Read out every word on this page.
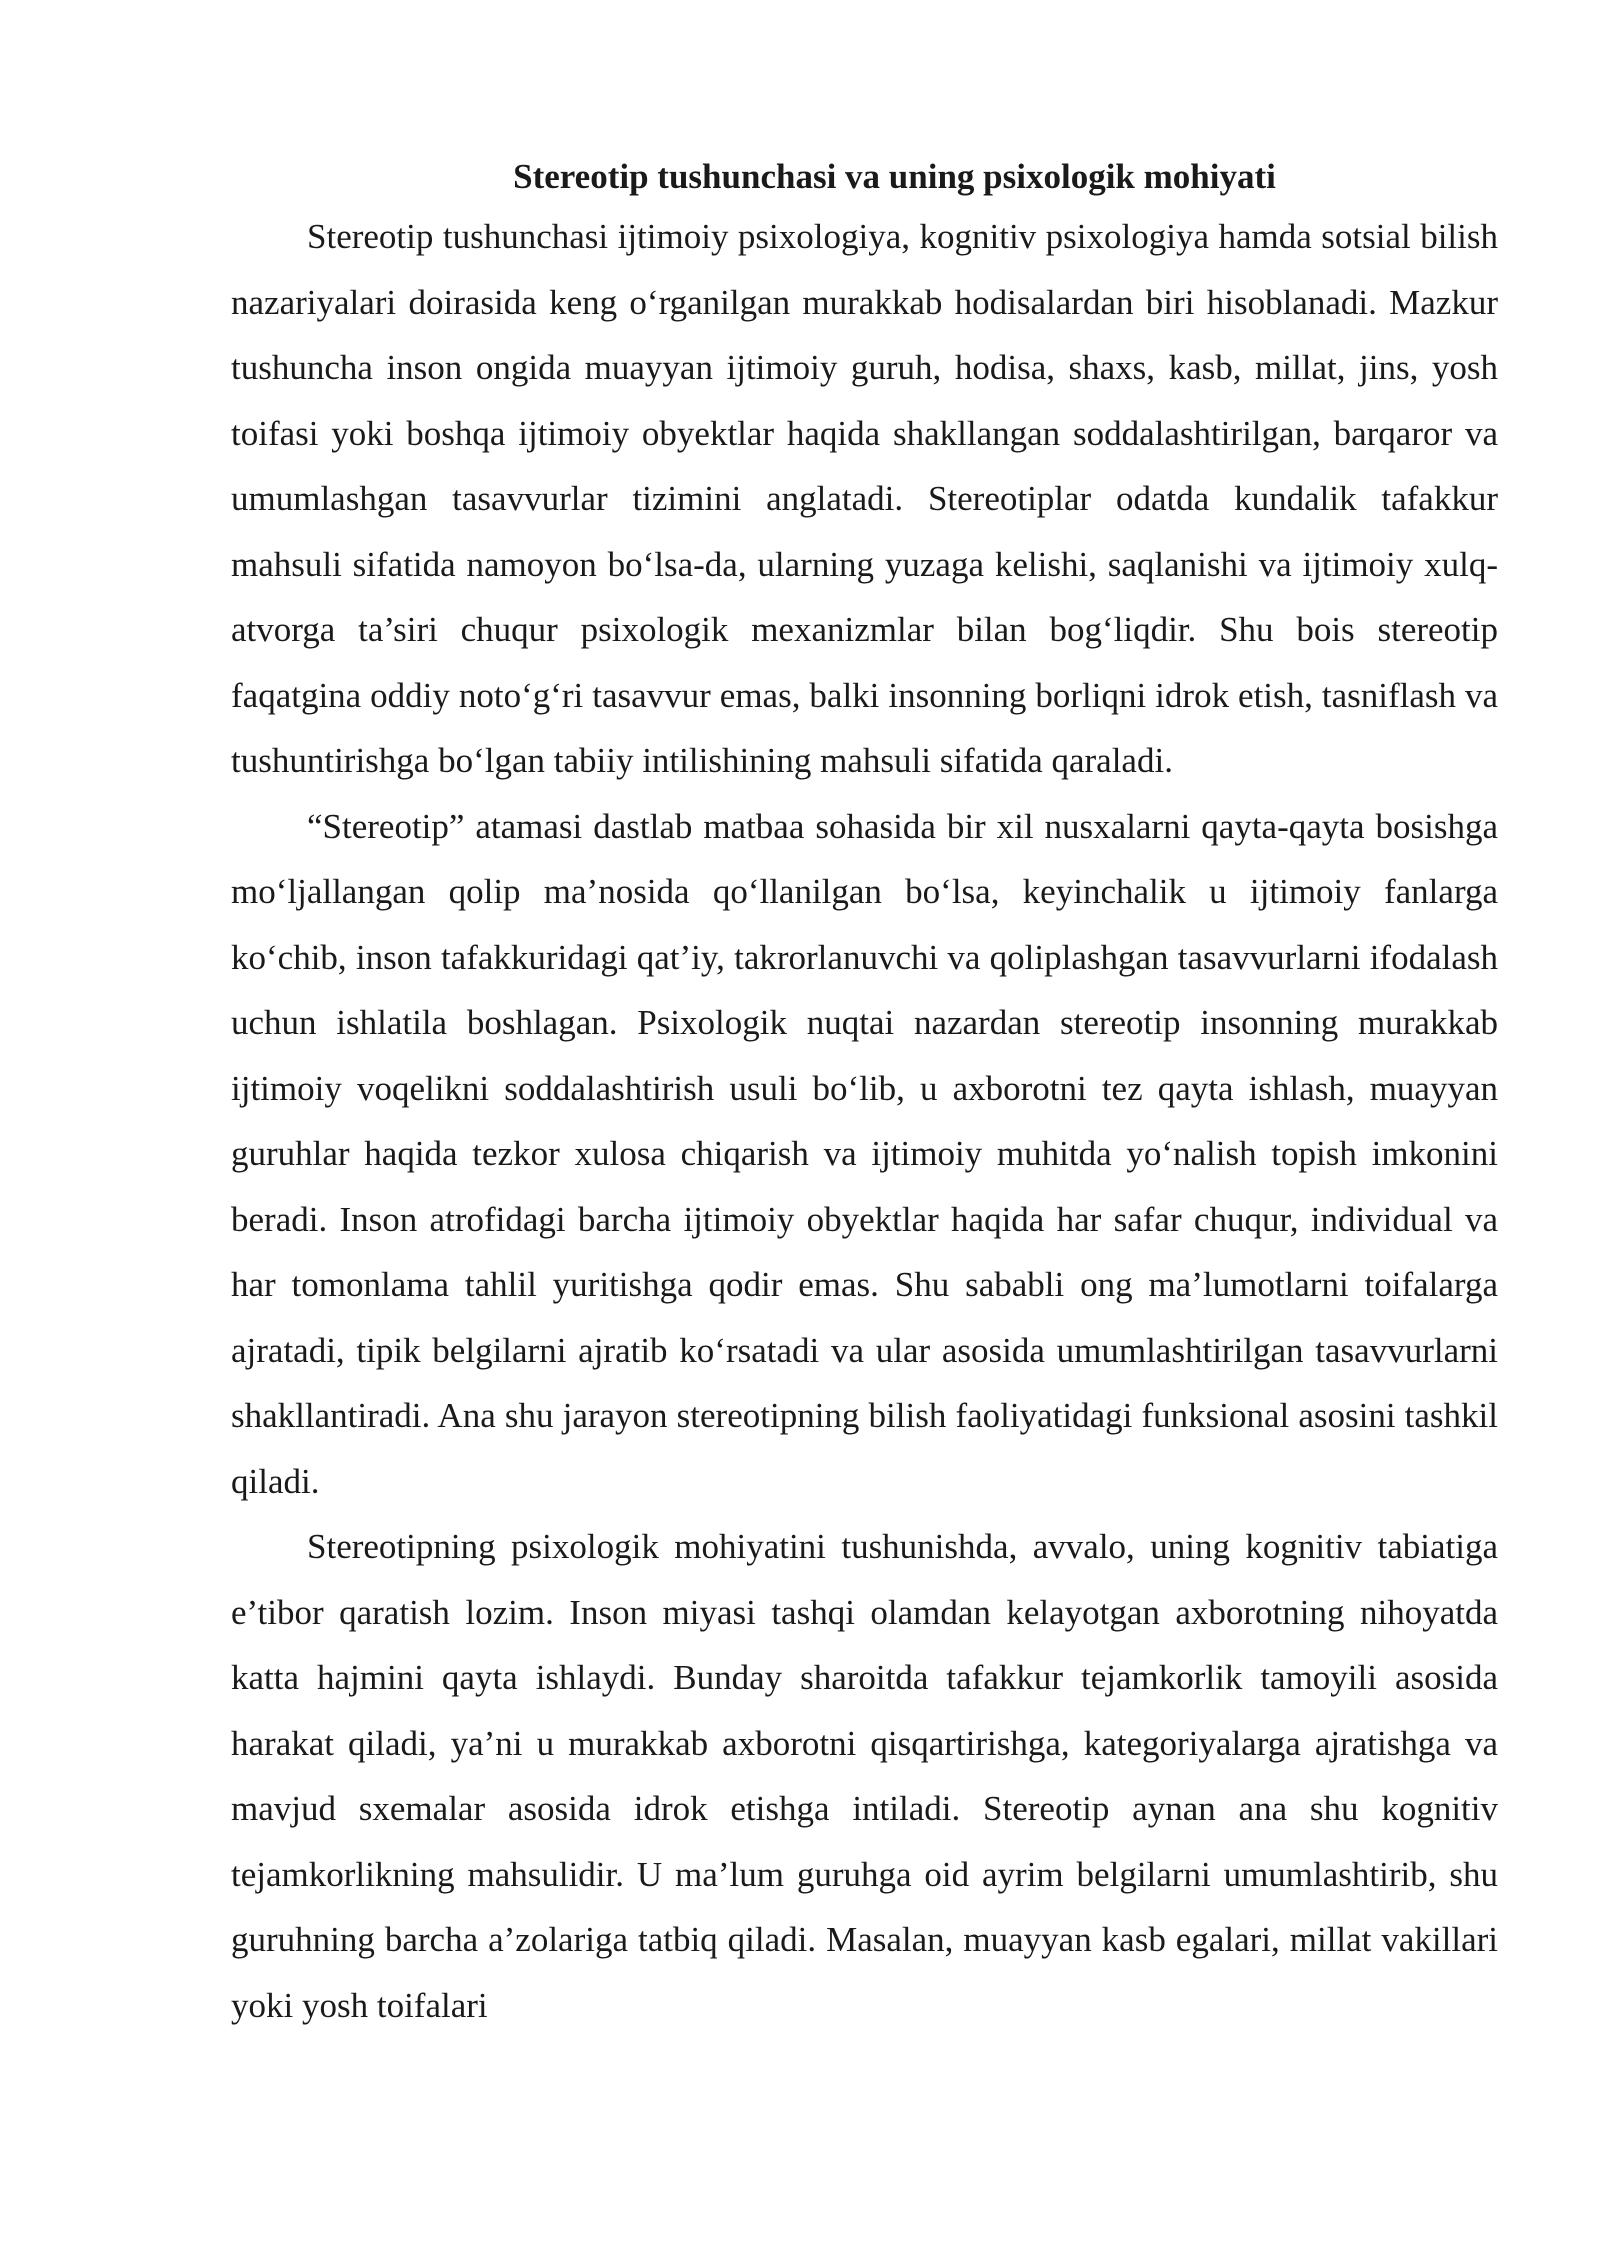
Stereotip tushunchasi va uning psixologik mohiyati

Stereotip tushunchasi ijtimoiy psixologiya, kognitiv psixologiya hamda sotsial bilish nazariyalari doirasida keng o‘rganilgan murakkab hodisalardan biri hisoblanadi. Mazkur tushuncha inson ongida muayyan ijtimoiy guruh, hodisa, shaxs, kasb, millat, jins, yosh toifasi yoki boshqa ijtimoiy obyektlar haqida shakllangan soddalashtirilgan, barqaror va umumlashgan tasavvurlar tizimini anglatadi. Stereotiplar odatda kundalik tafakkur mahsuli sifatida namoyon bo‘lsa-da, ularning yuzaga kelishi, saqlanishi va ijtimoiy xulq-atvorga ta’siri chuqur psixologik mexanizmlar bilan bog‘liqdir. Shu bois stereotip faqatgina oddiy noto‘g‘ri tasavvur emas, balki insonning borliqni idrok etish, tasniflash va tushuntirishga bo‘lgan tabiiy intilishining mahsuli sifatida qaraladi.

“Stereotip” atamasi dastlab matbaa sohasida bir xil nusxalarni qayta-qayta bosishga mo‘ljallangan qolip ma’nosida qo‘llanilgan bo‘lsa, keyinchalik u ijtimoiy fanlarga ko‘chib, inson tafakkuridagi qat’iy, takrorlanuvchi va qoliplashgan tasavvurlarni ifodalash uchun ishlatila boshlagan. Psixologik nuqtai nazardan stereotip insonning murakkab ijtimoiy voqelikni soddalashtirish usuli bo‘lib, u axborotni tez qayta ishlash, muayyan guruhlar haqida tezkor xulosa chiqarish va ijtimoiy muhitda yo‘nalish topish imkonini beradi. Inson atrofidagi barcha ijtimoiy obyektlar haqida har safar chuqur, individual va har tomonlama tahlil yuritishga qodir emas. Shu sababli ong ma’lumotlarni toifalarga ajratadi, tipik belgilarni ajratib ko‘rsatadi va ular asosida umumlashtirilgan tasavvurlarni shakllantiradi. Ana shu jarayon stereotipning bilish faoliyatidagi funksional asosini tashkil qiladi.

Stereotipning psixologik mohiyatini tushunishda, avvalo, uning kognitiv tabiatiga e’tibor qaratish lozim. Inson miyasi tashqi olamdan kelayotgan axborotning nihoyatda katta hajmini qayta ishlaydi. Bunday sharoitda tafakkur tejamkorlik tamoyili asosida harakat qiladi, ya’ni u murakkab axborotni qisqartirishga, kategoriyalarga ajratishga va mavjud sxemalar asosida idrok etishga intiladi. Stereotip aynan ana shu kognitiv tejamkorlikning mahsulidir. U ma’lum guruhga oid ayrim belgilarni umumlashtirib, shu guruhning barcha a’zolariga tatbiq qiladi. Masalan, muayyan kasb egalari, millat vakillari yoki yosh toifalari
